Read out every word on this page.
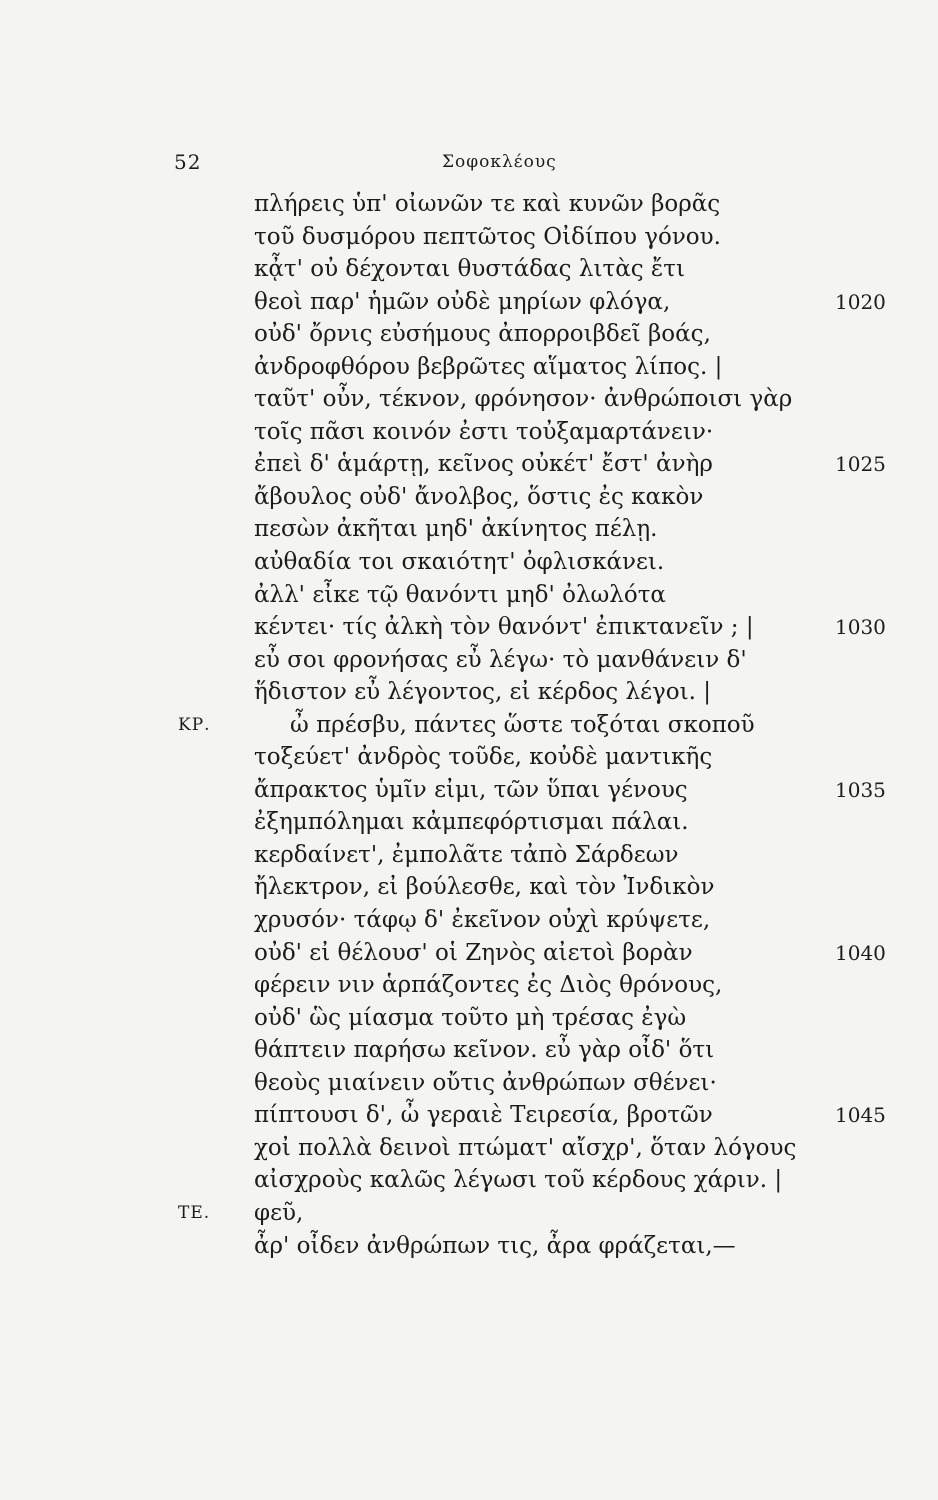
52	Σοφοκλέους
πλήρεις ὑπ' οἰωνῶν τε καὶ κυνῶν βορᾶς
τοῦ δυσμόρου πεπτῶτος Οἰδίπου γόνου.
κᾆτ' οὐ δέχονται θυστάδας λιτὰς ἔτι
θεοὶ παρ' ἡμῶν οὐδὲ μηρίων φλόγα,	1020
οὐδ' ὄρνις εὐσήμους ἀπορροιβδεῖ βοάς,
ἀνδροφθόρου βεβρῶτες αἵματος λίπος. |
ταῦτ' οὖν, τέκνον, φρόνησον· ἀνθρώποισι γὰρ
τοῖς πᾶσι κοινόν ἐστι τοὐξαμαρτάνειν·
ἐπεὶ δ' ἁμάρτῃ, κεῖνος οὐκέτ' ἔστ' ἀνὴρ	1025
ἄβουλος οὐδ' ἄνολβος, ὅστις ἐς κακὸν
πεσὼν ἀκῆται μηδ' ἀκίνητος πέλῃ.
αὐθαδία τοι σκαιότητ' ὀφλισκάνει.
ἀλλ' εἶκε τῷ θανόντι μηδ' ὀλωλότα
κέντει· τίς ἀλκὴ τὸν θανόντ' ἐπικτανεῖν ; |	1030
εὖ σοι φρονήσας εὖ λέγω· τὸ μανθάνειν δ'
ἥδιστον εὖ λέγοντος, εἰ κέρδος λέγοι. |
ΚΡ.	ὦ πρέσβυ, πάντες ὥστε τοξόται σκοποῦ
τοξεύετ' ἀνδρὸς τοῦδε, κοὐδὲ μαντικῆς
ἄπρακτος ὑμῖν εἰμι, τῶν ὕπαι γένους	1035
ἐξημπόλημαι κἀμπεφόρτισμαι πάλαι.
κερδαίνετ', ἐμπολᾶτε τἀπὸ Σάρδεων
ἤλεκτρον, εἰ βούλεσθε, καὶ τὸν Ἰνδικὸν
χρυσόν· τάφῳ δ' ἐκεῖνον οὐχὶ κρύψετε,
οὐδ' εἰ θέλουσ' οἱ Ζηνὸς αἰετοὶ βορὰν	1040
φέρειν νιν ἁρπάζοντες ἐς Διὸς θρόνους,
οὐδ' ὣς μίασμα τοῦτο μὴ τρέσας ἐγὼ
θάπτειν παρήσω κεῖνον. εὖ γὰρ οἶδ' ὅτι
θεοὺς μιαίνειν οὔτις ἀνθρώπων σθένει·
πίπτουσι δ', ὦ γεραιὲ Τειρεσία, βροτῶν	1045
χοἰ πολλὰ δεινοὶ πτώματ' αἴσχρ', ὅταν λόγους
αἰσχροὺς καλῶς λέγωσι τοῦ κέρδους χάριν. |
ΤΕ. φεῦ,
ἆρ' οἶδεν ἀνθρώπων τις, ἆρα φράζεται,—
